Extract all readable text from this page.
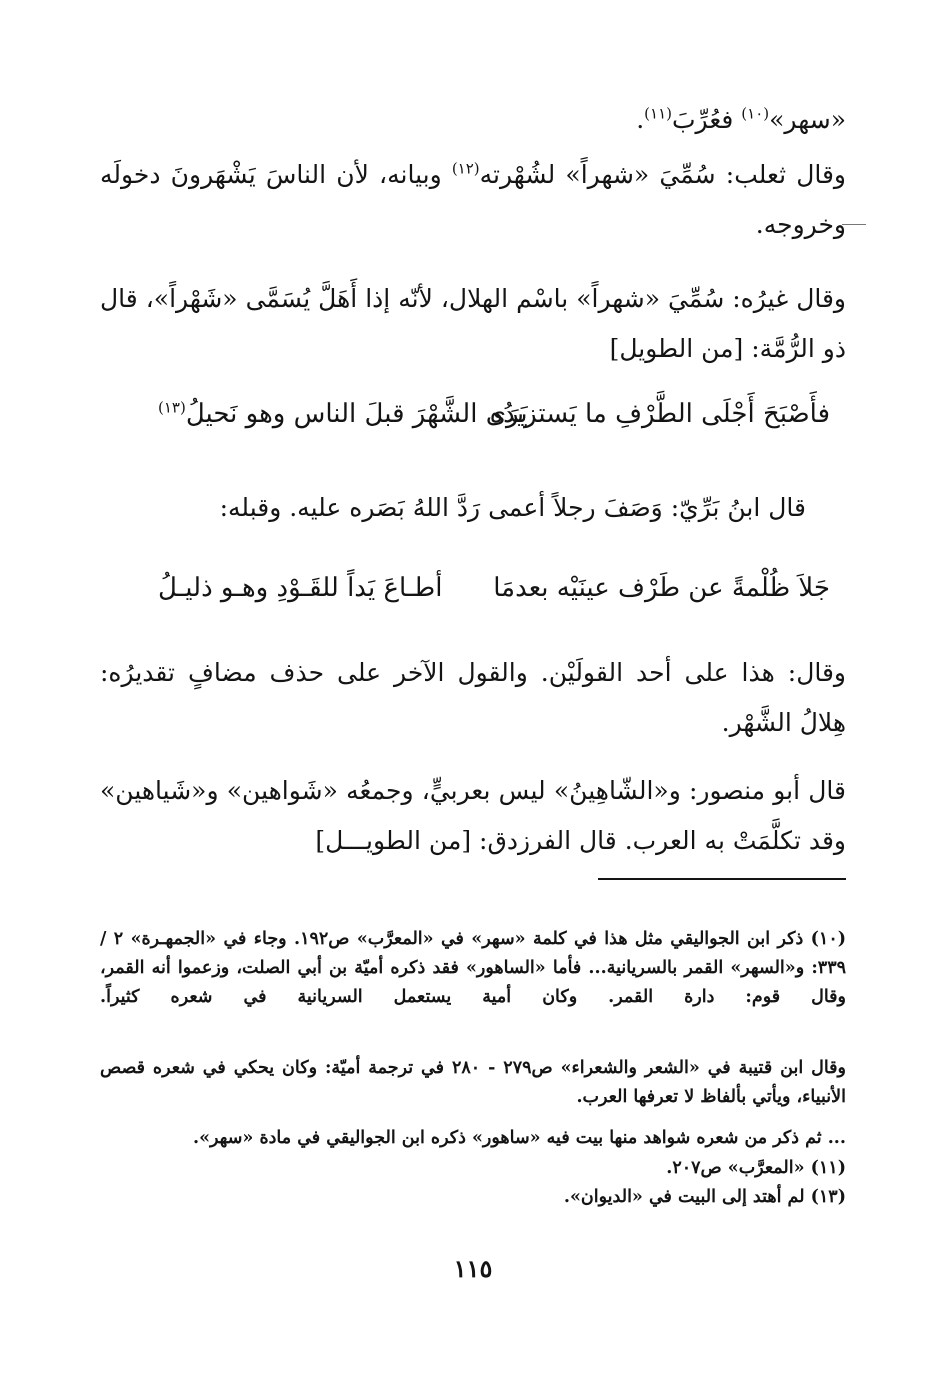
«سهر»$^{(١٠)}$ فعُرِّبَ$^{(١١)}$.
وقال ثعلب: سُمِّيَ «شهراً» لشُهْرته$^{(١٢)}$ وبيانه، لأن الناسَ يَشْهَرونَ دخولَه وخروجه.
وقال غيرُه: سُمِّيَ «شهراً» باسْم الهلال، لأنّه إذا أَهَلَّ يُسَمَّى «شَهْراً»، قال ذو الرُّمَّة: [من الطويل]
فأَصْبَحَ أَجْلَى الطَّرْفِ ما يَستزيدُه
يَرَى الشَّهْرَ قبلَ الناس وهو نَحيلُ$^{(١٣)}$
قال ابنُ بَرِّيّ: وَصَفَ رجلاً أعمى رَدَّ اللهُ بَصَره عليه. وقبله:
جَلاَ ظُلْمةً عن طَرْف عينَيْه بعدمَا
أطـاعَ يَداً للقَـوْدِ وهـو ذليـلُ
وقال: هذا على أحد القولَيْن. والقول الآخر على حذف مضافٍ تقديرُه: هِلالُ الشَّهْر.
قال أبو منصور: و«الشّاهِينُ» ليس بعربيٍّ، وجمعُه «شَواهين» و«شَياهين» وقد تكلَّمَتْ به العرب. قال الفرزدق: [من الطويـــل]
(١٠) ذكر ابن الجواليقي مثل هذا في كلمة «سهر» في «المعرَّب» ص١٩٢. وجاء في «الجمهـرة» ٢ /٣٣٩: و«السهر» القمر بالسريانية... فأما «الساهور» فقد ذكره أميّة بن أبي الصلت، وزعموا أنه القمر، وقال قوم: دارة القمر. وكان أمية يستعمل السريانية في شعره كثيراً.
وقال ابن قتيبة في «الشعر والشعراء» ص٢٧٩ - ٢٨٠ في ترجمة أميّة: وكان يحكي في شعره قصص الأنبياء، ويأتي بألفاظ لا تعرفها العرب.
... ثم ذكر من شعره شواهد منها بيت فيه «ساهور» ذكره ابن الجواليقي في مادة «سهر».
(١١) «المعرَّب» ص٢٠٧.
(١٣) لم أهتد إلى البيت في «الديوان».
١١٥
